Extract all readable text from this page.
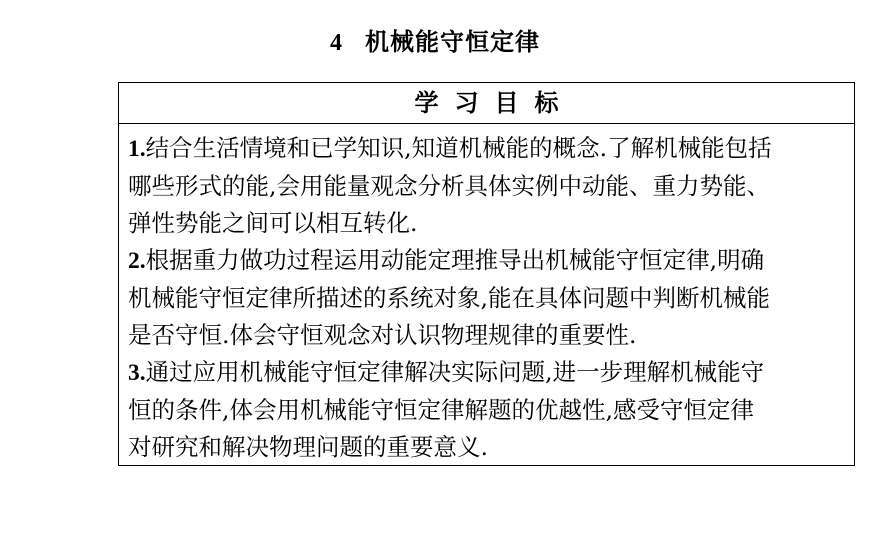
4 机械能守恒定律
学习目标
1.结合生活情境和已学知识,知道机械能的概念.了解机械能包括
哪些形式的能,会用能量观念分析具体实例中动能、重力势能、
弹性势能之间可以相互转化.
2.根据重力做功过程运用动能定理推导出机械能守恒定律,明确
机械能守恒定律所描述的系统对象,能在具体问题中判断机械能
是否守恒.体会守恒观念对认识物理规律的重要性.
3.通过应用机械能守恒定律解决实际问题,进一步理解机械能守
恒的条件,体会用机械能守恒定律解题的优越性,感受守恒定律
对研究和解决物理问题的重要意义.
